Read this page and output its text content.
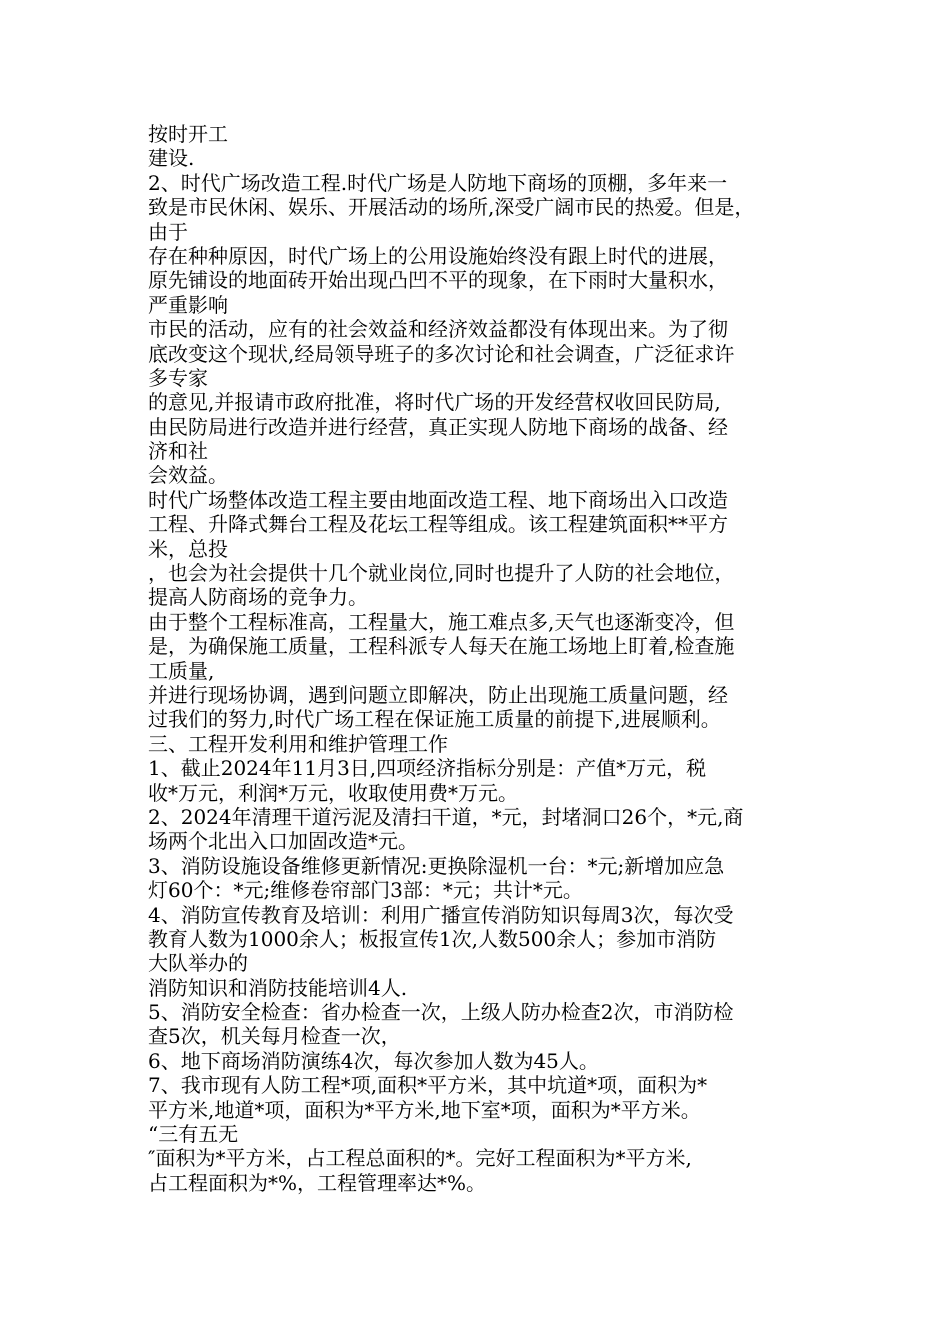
按时开工
建设.
2、时代广场改造工程.时代广场是人防地下商场的顶棚，多年来一
致是市民休闲、娱乐、开展活动的场所,深受广阔市民的热爱。但是，
由于
存在种种原因，时代广场上的公用设施始终没有跟上时代的进展，
原先铺设的地面砖开始出现凸凹不平的现象，在下雨时大量积水，
严重影响
市民的活动，应有的社会效益和经济效益都没有体现出来。为了彻
底改变这个现状,经局领导班子的多次讨论和社会调查，广泛征求许
多专家
的意见,并报请市政府批准，将时代广场的开发经营权收回民防局,
由民防局进行改造并进行经营，真正实现人防地下商场的战备、经
济和社
会效益。
时代广场整体改造工程主要由地面改造工程、地下商场出入口改造
工程、升降式舞台工程及花坛工程等组成。该工程建筑面积**平方
米，总投
，也会为社会提供十几个就业岗位,同时也提升了人防的社会地位，
提高人防商场的竞争力。
由于整个工程标准高，工程量大，施工难点多,天气也逐渐变冷，但
是，为确保施工质量，工程科派专人每天在施工场地上盯着,检查施
工质量,
并进行现场协调，遇到问题立即解决，防止出现施工质量问题，经
过我们的努力,时代广场工程在保证施工质量的前提下,进展顺利。
三、工程开发利用和维护管理工作
1、截止2024年11月3日,四项经济指标分别是：产值*万元，税
收*万元，利润*万元，收取使用费*万元。
2、2024年清理干道污泥及清扫干道，*元，封堵洞口26个，*元,商
场两个北出入口加固改造*元。
3、消防设施设备维修更新情况:更换除湿机一台：*元;新增加应急
灯60个：*元;维修卷帘部门3部：*元；共计*元。
4、消防宣传教育及培训：利用广播宣传消防知识每周3次，每次受
教育人数为1000余人；板报宣传1次,人数500余人；参加市消防
大队举办的
消防知识和消防技能培训4人.
5、消防安全检查：省办检查一次，上级人防办检查2次，市消防检
查5次，机关每月检查一次，
6、地下商场消防演练4次，每次参加人数为45人。
7、我市现有人防工程*项,面积*平方米，其中坑道*项，面积为*
平方米,地道*项，面积为*平方米,地下室*项，面积为*平方米。
“三有五无
″面积为*平方米，占工程总面积的*。完好工程面积为*平方米,
占工程面积为*%，工程管理率达*%。
